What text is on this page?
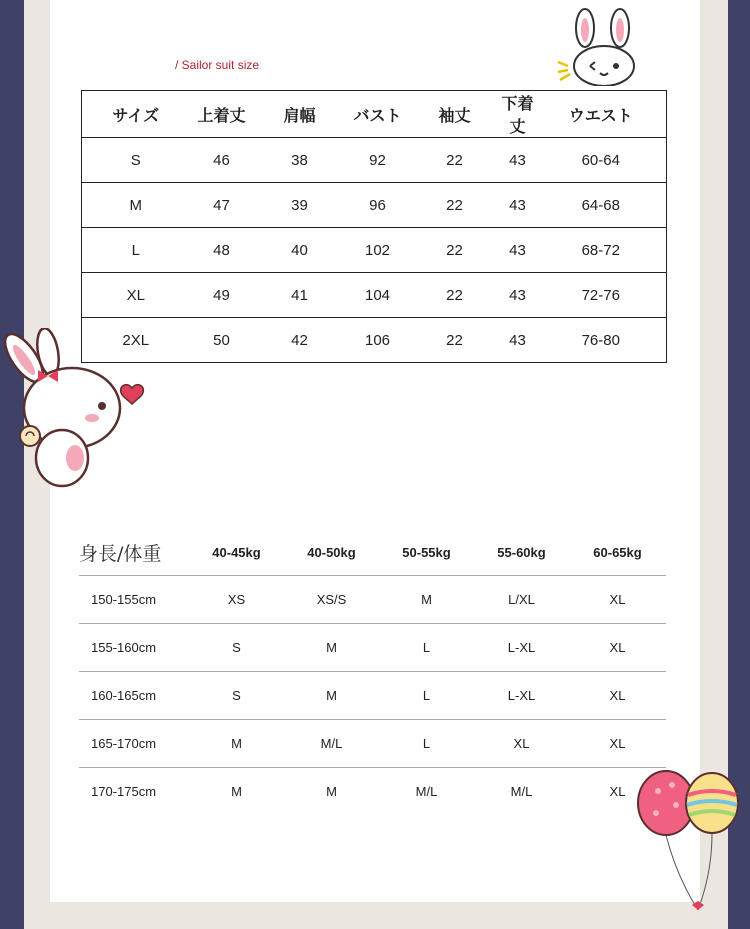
/ Sailor suit size
サイズ	上着丈	肩幅	バスト	袖丈	下着丈	ウエスト
S	46	38	92	22	43	60-64
M	47	39	96	22	43	64-68
L	48	40	102	22	43	68-72
XL	49	41	104	22	43	72-76
2XL	50	42	106	22	43	76-80
身長/体重	40-45kg	40-50kg	50-55kg	55-60kg	60-65kg
150-155cm	XS	XS/S	M	L/XL	XL
155-160cm	S	M	L	L-XL	XL
160-165cm	S	M	L	L-XL	XL
165-170cm	M	M/L	L	XL	XL
170-175cm	M	M	M/L	M/L	XL
